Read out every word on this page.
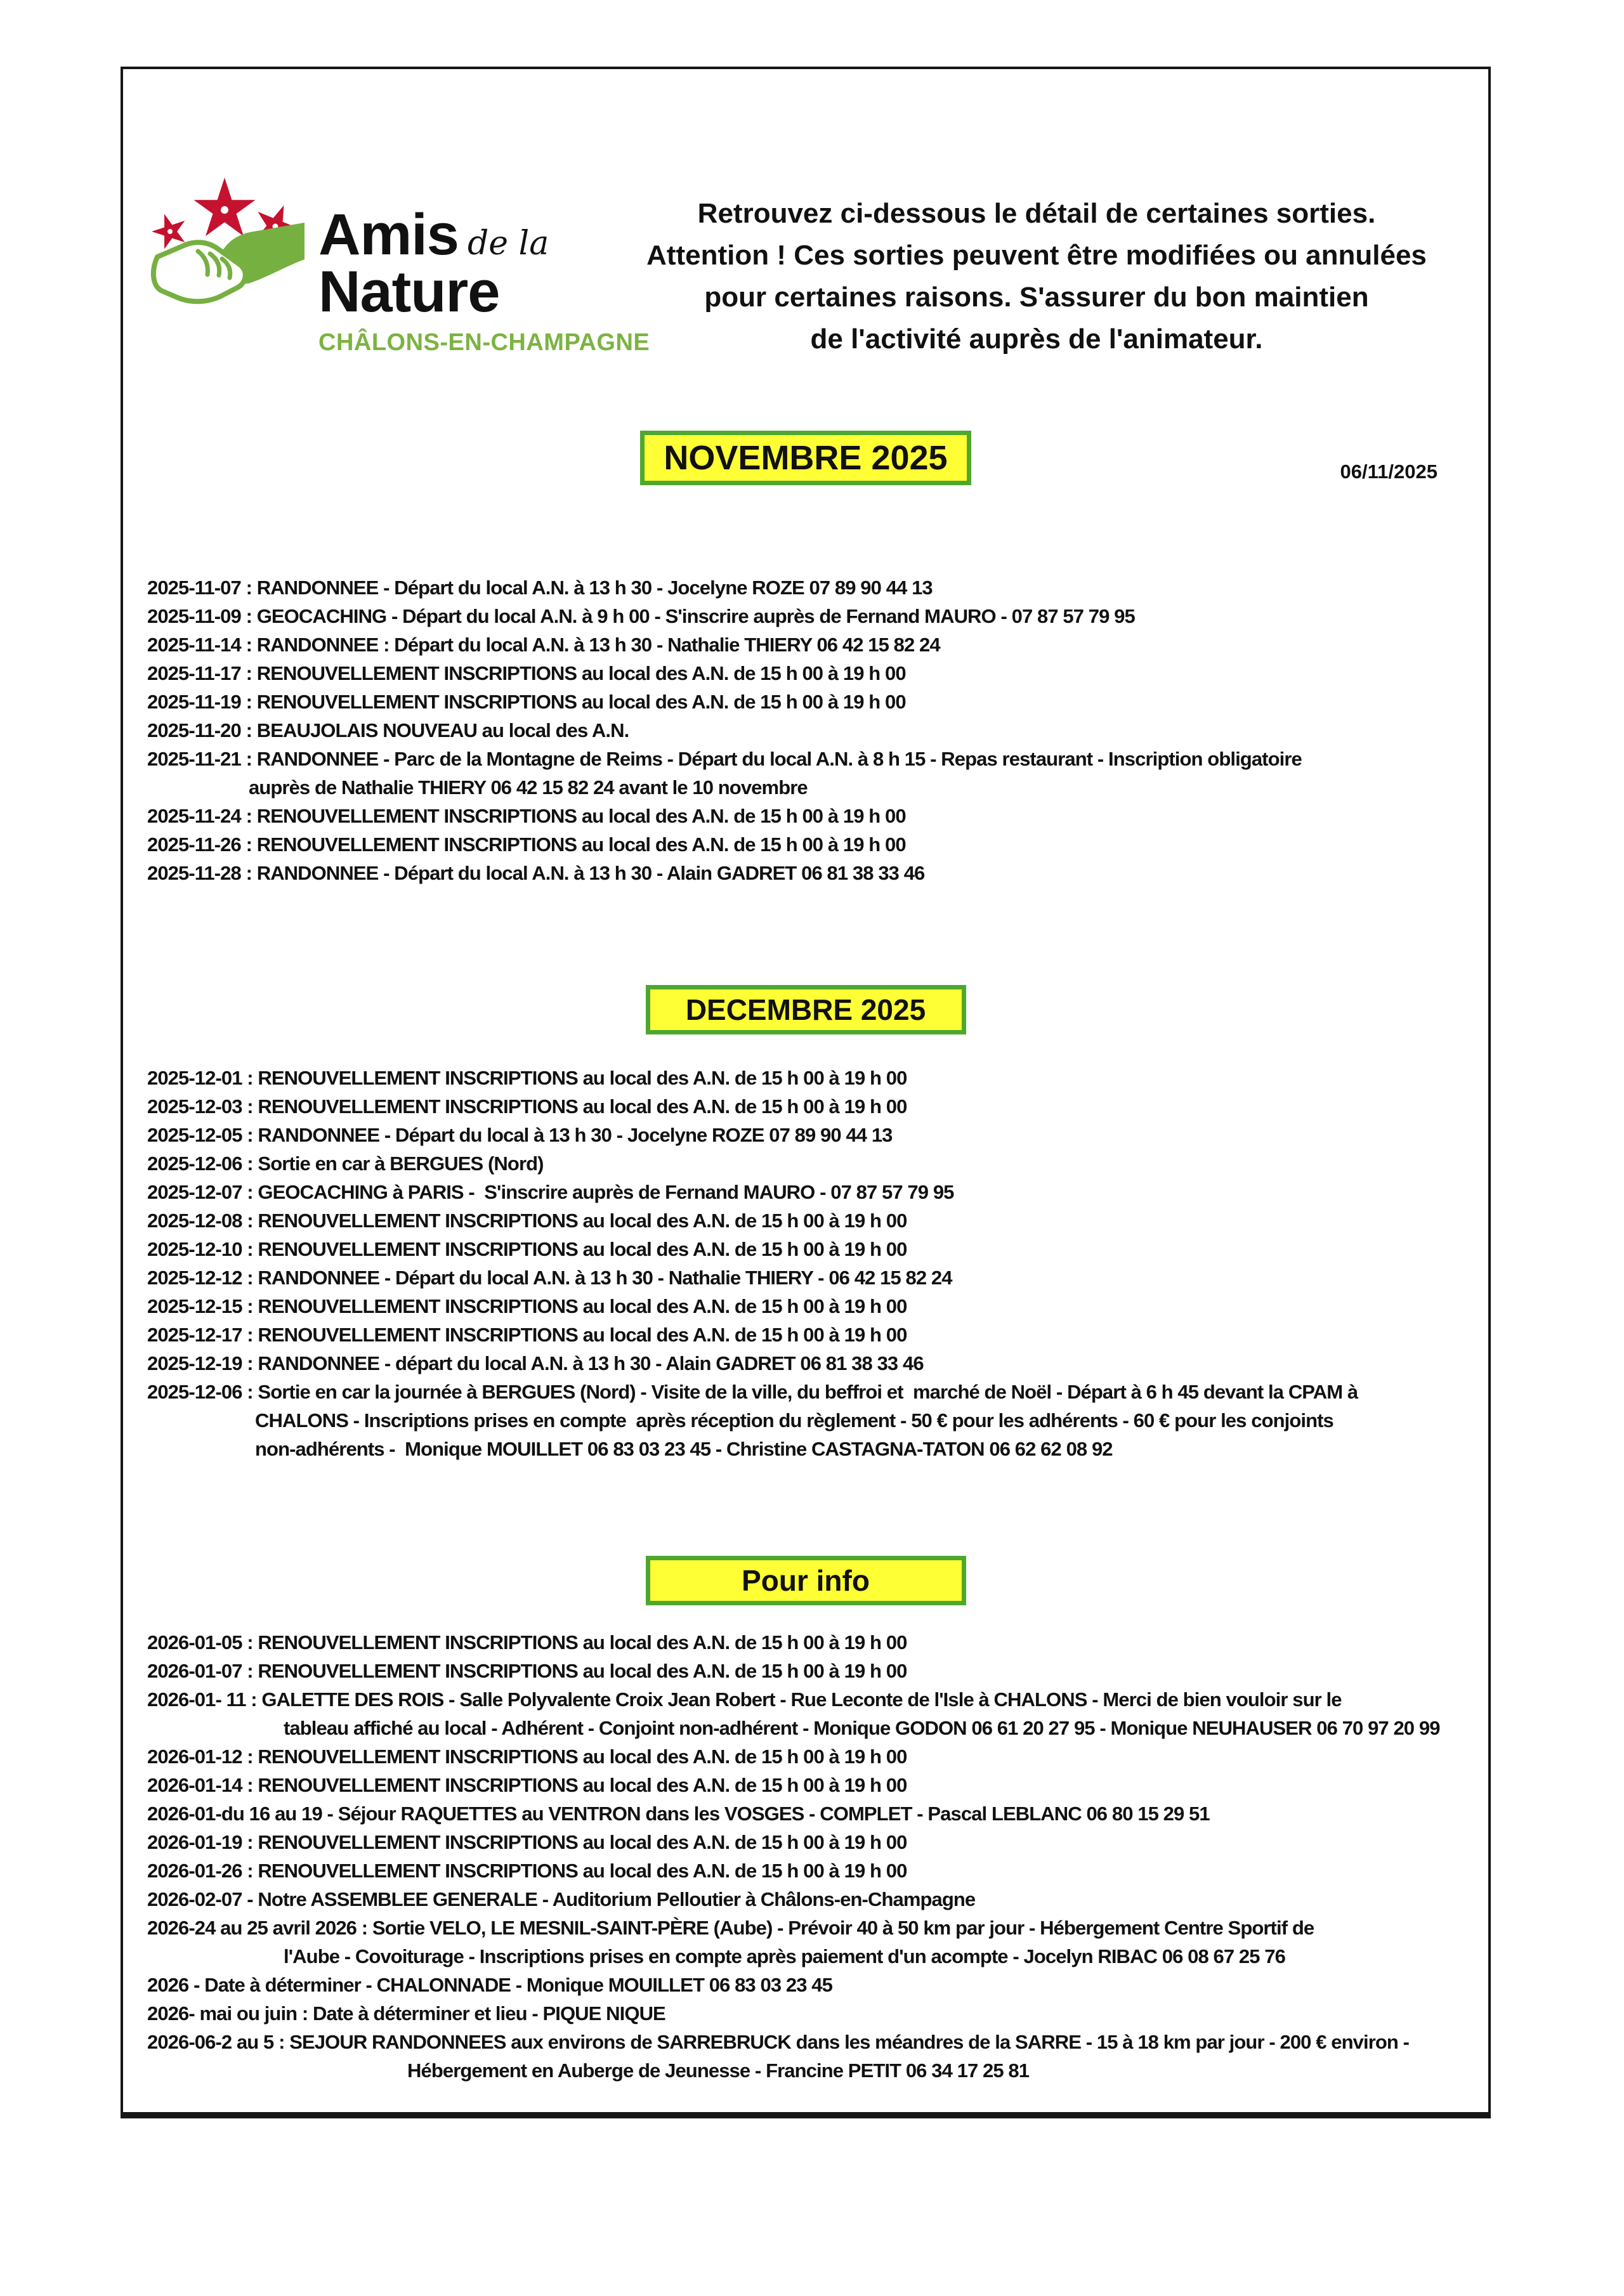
Amis de la
Nature
CHÂLONS-EN-CHAMPAGNE
Retrouvez ci-dessous le détail de certaines sorties.
Attention ! Ces sorties peuvent être modifiées ou annulées
pour certaines raisons. S'assurer du bon maintien
de l'activité auprès de l'animateur.
06/11/2025
NOVEMBRE 2025
2025-11-07 : RANDONNEE - Départ du local A.N. à 13 h 30 - Jocelyne ROZE 07 89 90 44 13
2025-11-09 : GEOCACHING - Départ du local A.N. à 9 h 00 - S'inscrire auprès de Fernand MAURO - 07 87 57 79 95
2025-11-14 : RANDONNEE : Départ du local A.N. à 13 h 30 - Nathalie THIERY 06 42 15 82 24
2025-11-17 : RENOUVELLEMENT INSCRIPTIONS au local des A.N. de 15 h 00 à 19 h 00
2025-11-19 : RENOUVELLEMENT INSCRIPTIONS au local des A.N. de 15 h 00 à 19 h 00
2025-11-20 : BEAUJOLAIS NOUVEAU au local des A.N.
2025-11-21 : RANDONNEE - Parc de la Montagne de Reims - Départ du local A.N. à 8 h 15 - Repas restaurant - Inscription obligatoire
auprès de Nathalie THIERY 06 42 15 82 24 avant le 10 novembre
2025-11-24 : RENOUVELLEMENT INSCRIPTIONS au local des A.N. de 15 h 00 à 19 h 00
2025-11-26 : RENOUVELLEMENT INSCRIPTIONS au local des A.N. de 15 h 00 à 19 h 00
2025-11-28 : RANDONNEE - Départ du local A.N. à 13 h 30 - Alain GADRET 06 81 38 33 46
DECEMBRE 2025
2025-12-01 : RENOUVELLEMENT INSCRIPTIONS au local des A.N. de 15 h 00 à 19 h 00
2025-12-03 : RENOUVELLEMENT INSCRIPTIONS au local des A.N. de 15 h 00 à 19 h 00
2025-12-05 : RANDONNEE - Départ du local à 13 h 30 - Jocelyne ROZE 07 89 90 44 13
2025-12-06 : Sortie en car à BERGUES (Nord)
2025-12-07 : GEOCACHING à PARIS -  S'inscrire auprès de Fernand MAURO - 07 87 57 79 95
2025-12-08 : RENOUVELLEMENT INSCRIPTIONS au local des A.N. de 15 h 00 à 19 h 00
2025-12-10 : RENOUVELLEMENT INSCRIPTIONS au local des A.N. de 15 h 00 à 19 h 00
2025-12-12 : RANDONNEE - Départ du local A.N. à 13 h 30 - Nathalie THIERY - 06 42 15 82 24
2025-12-15 : RENOUVELLEMENT INSCRIPTIONS au local des A.N. de 15 h 00 à 19 h 00
2025-12-17 : RENOUVELLEMENT INSCRIPTIONS au local des A.N. de 15 h 00 à 19 h 00
2025-12-19 : RANDONNEE - départ du local A.N. à 13 h 30 - Alain GADRET 06 81 38 33 46
2025-12-06 : Sortie en car la journée à BERGUES (Nord) - Visite de la ville, du beffroi et  marché de Noël - Départ à 6 h 45 devant la CPAM à
CHALONS - Inscriptions prises en compte  après réception du règlement - 50 € pour les adhérents - 60 € pour les conjoints
non-adhérents -  Monique MOUILLET 06 83 03 23 45 - Christine CASTAGNA-TATON 06 62 62 08 92
Pour info
2026-01-05 : RENOUVELLEMENT INSCRIPTIONS au local des A.N. de 15 h 00 à 19 h 00
2026-01-07 : RENOUVELLEMENT INSCRIPTIONS au local des A.N. de 15 h 00 à 19 h 00
2026-01- 11 : GALETTE DES ROIS - Salle Polyvalente Croix Jean Robert - Rue Leconte de l'Isle à CHALONS - Merci de bien vouloir sur le
tableau affiché au local - Adhérent - Conjoint non-adhérent - Monique GODON 06 61 20 27 95 - Monique NEUHAUSER 06 70 97 20 99
2026-01-12 : RENOUVELLEMENT INSCRIPTIONS au local des A.N. de 15 h 00 à 19 h 00
2026-01-14 : RENOUVELLEMENT INSCRIPTIONS au local des A.N. de 15 h 00 à 19 h 00
2026-01-du 16 au 19 - Séjour RAQUETTES au VENTRON dans les VOSGES - COMPLET - Pascal LEBLANC 06 80 15 29 51
2026-01-19 : RENOUVELLEMENT INSCRIPTIONS au local des A.N. de 15 h 00 à 19 h 00
2026-01-26 : RENOUVELLEMENT INSCRIPTIONS au local des A.N. de 15 h 00 à 19 h 00
2026-02-07 - Notre ASSEMBLEE GENERALE - Auditorium Pelloutier à Châlons-en-Champagne
2026-24 au 25 avril 2026 : Sortie VELO, LE MESNIL-SAINT-PÈRE (Aube) - Prévoir 40 à 50 km par jour - Hébergement Centre Sportif de
l'Aube - Covoiturage - Inscriptions prises en compte après paiement d'un acompte - Jocelyn RIBAC 06 08 67 25 76
2026 - Date à déterminer - CHALONNADE - Monique MOUILLET 06 83 03 23 45
2026- mai ou juin : Date à déterminer et lieu - PIQUE NIQUE
2026-06-2 au 5 : SEJOUR RANDONNEES aux environs de SARREBRUCK dans les méandres de la SARRE - 15 à 18 km par jour - 200 € environ -
Hébergement en Auberge de Jeunesse - Francine PETIT 06 34 17 25 81
